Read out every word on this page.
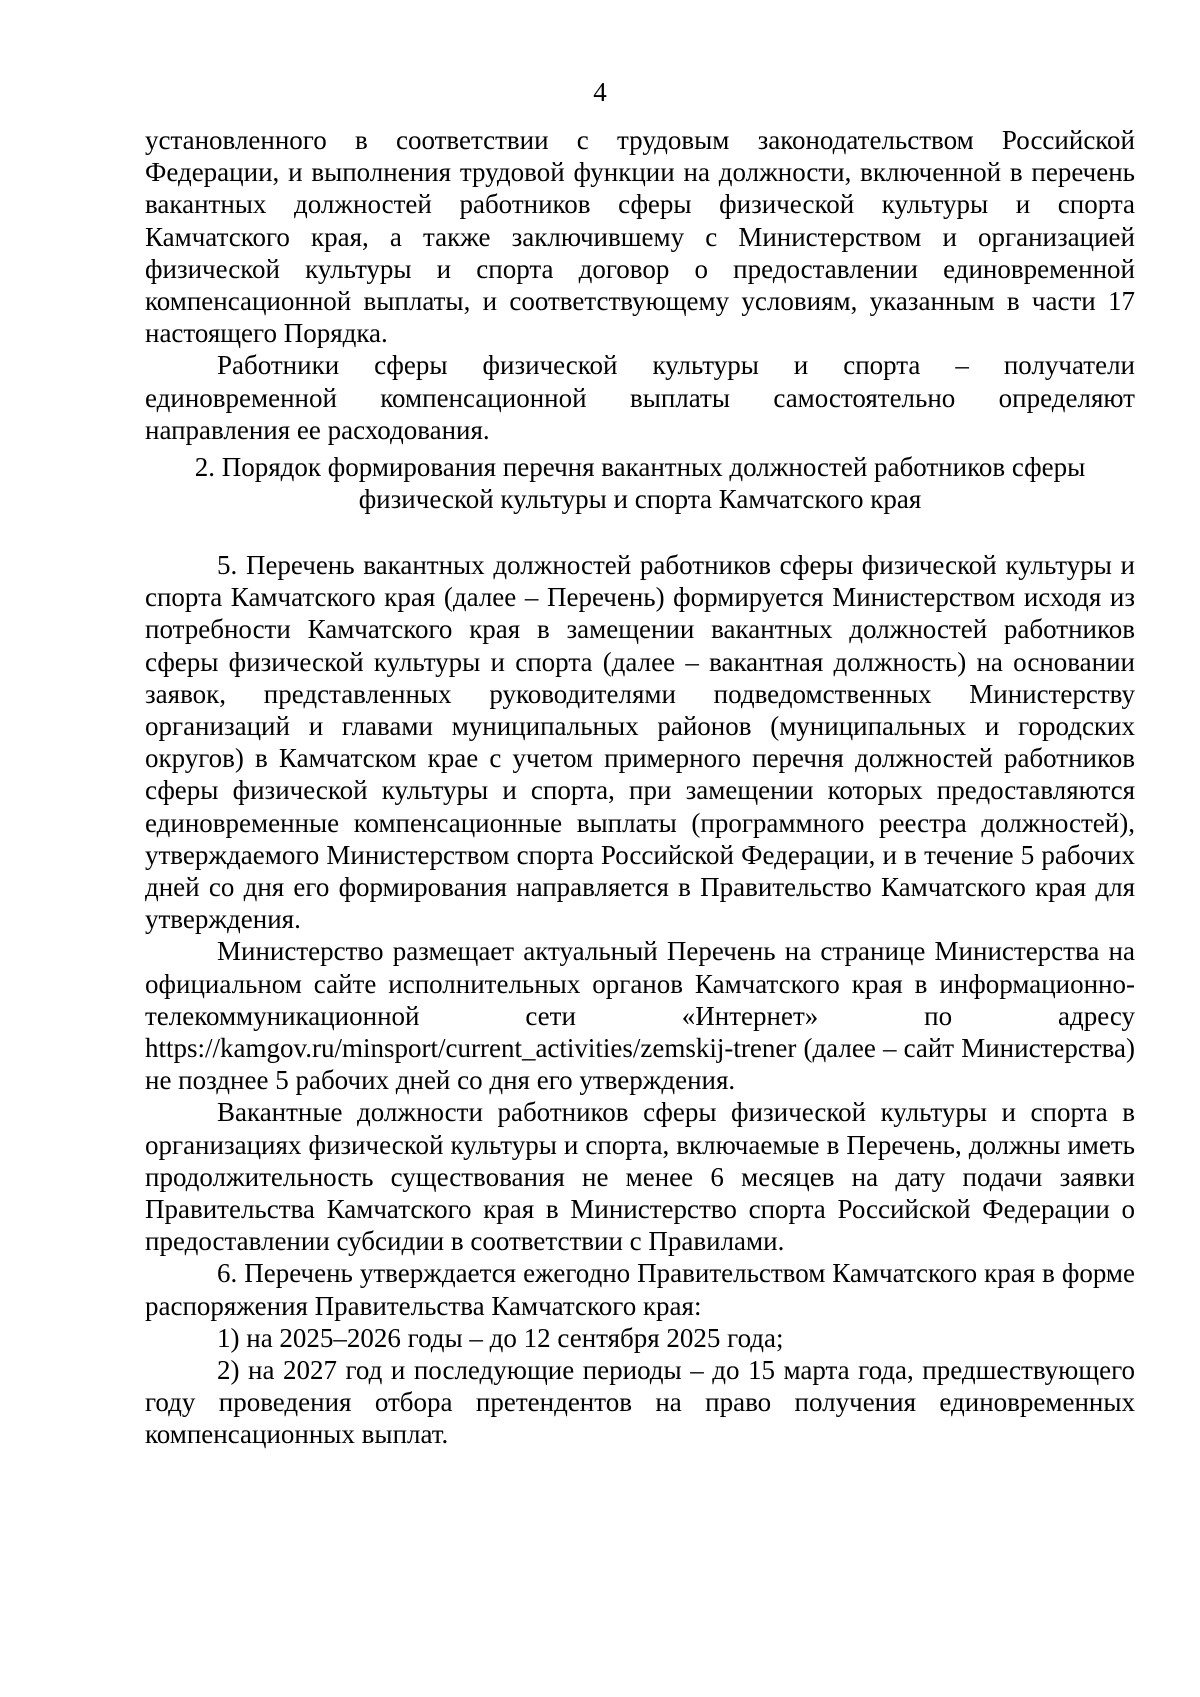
4

установленного в соответствии с трудовым законодательством Российской Федерации, и выполнения трудовой функции на должности, включенной в перечень вакантных должностей работников сферы физической культуры и спорта Камчатского края, а также заключившему с Министерством и организацией физической культуры и спорта договор о предоставлении единовременной компенсационной выплаты, и соответствующему условиям, указанным в части 17 настоящего Порядка.

Работники сферы физической культуры и спорта – получатели единовременной компенсационной выплаты самостоятельно определяют направления ее расходования.

2. Порядок формирования перечня вакантных должностей работников сферы

физической культуры и спорта Камчатского края

5. Перечень вакантных должностей работников сферы физической культуры и спорта Камчатского края (далее – Перечень) формируется Министерством исходя из потребности Камчатского края в замещении вакантных должностей работников сферы физической культуры и спорта (далее – вакантная должность) на основании заявок, представленных руководителями подведомственных Министерству организаций и главами муниципальных районов (муниципальных и городских округов) в Камчатском крае с учетом примерного перечня должностей работников сферы физической культуры и спорта, при замещении которых предоставляются единовременные компенсационные выплаты (программного реестра должностей), утверждаемого Министерством спорта Российской Федерации, и в течение 5 рабочих дней со дня его формирования направляется в Правительство Камчатского края для утверждения.

Министерство размещает актуальный Перечень на странице Министерства на официальном сайте исполнительных органов Камчатского края в информационно-телекоммуникационной сети «Интернет» по адресу https://kamgov.ru/minsport/current_activities/zemskij-trener (далее – сайт Министерства) не позднее 5 рабочих дней со дня его утверждения.

Вакантные должности работников сферы физической культуры и спорта в организациях физической культуры и спорта, включаемые в Перечень, должны иметь продолжительность существования не менее 6 месяцев на дату подачи заявки Правительства Камчатского края в Министерство спорта Российской Федерации о предоставлении субсидии в соответствии с Правилами.

6. Перечень утверждается ежегодно Правительством Камчатского края в форме распоряжения Правительства Камчатского края:

1) на 2025–2026 годы – до 12 сентября 2025 года;

2) на 2027 год и последующие периоды – до 15 марта года, предшествующего году проведения отбора претендентов на право получения единовременных компенсационных выплат.
